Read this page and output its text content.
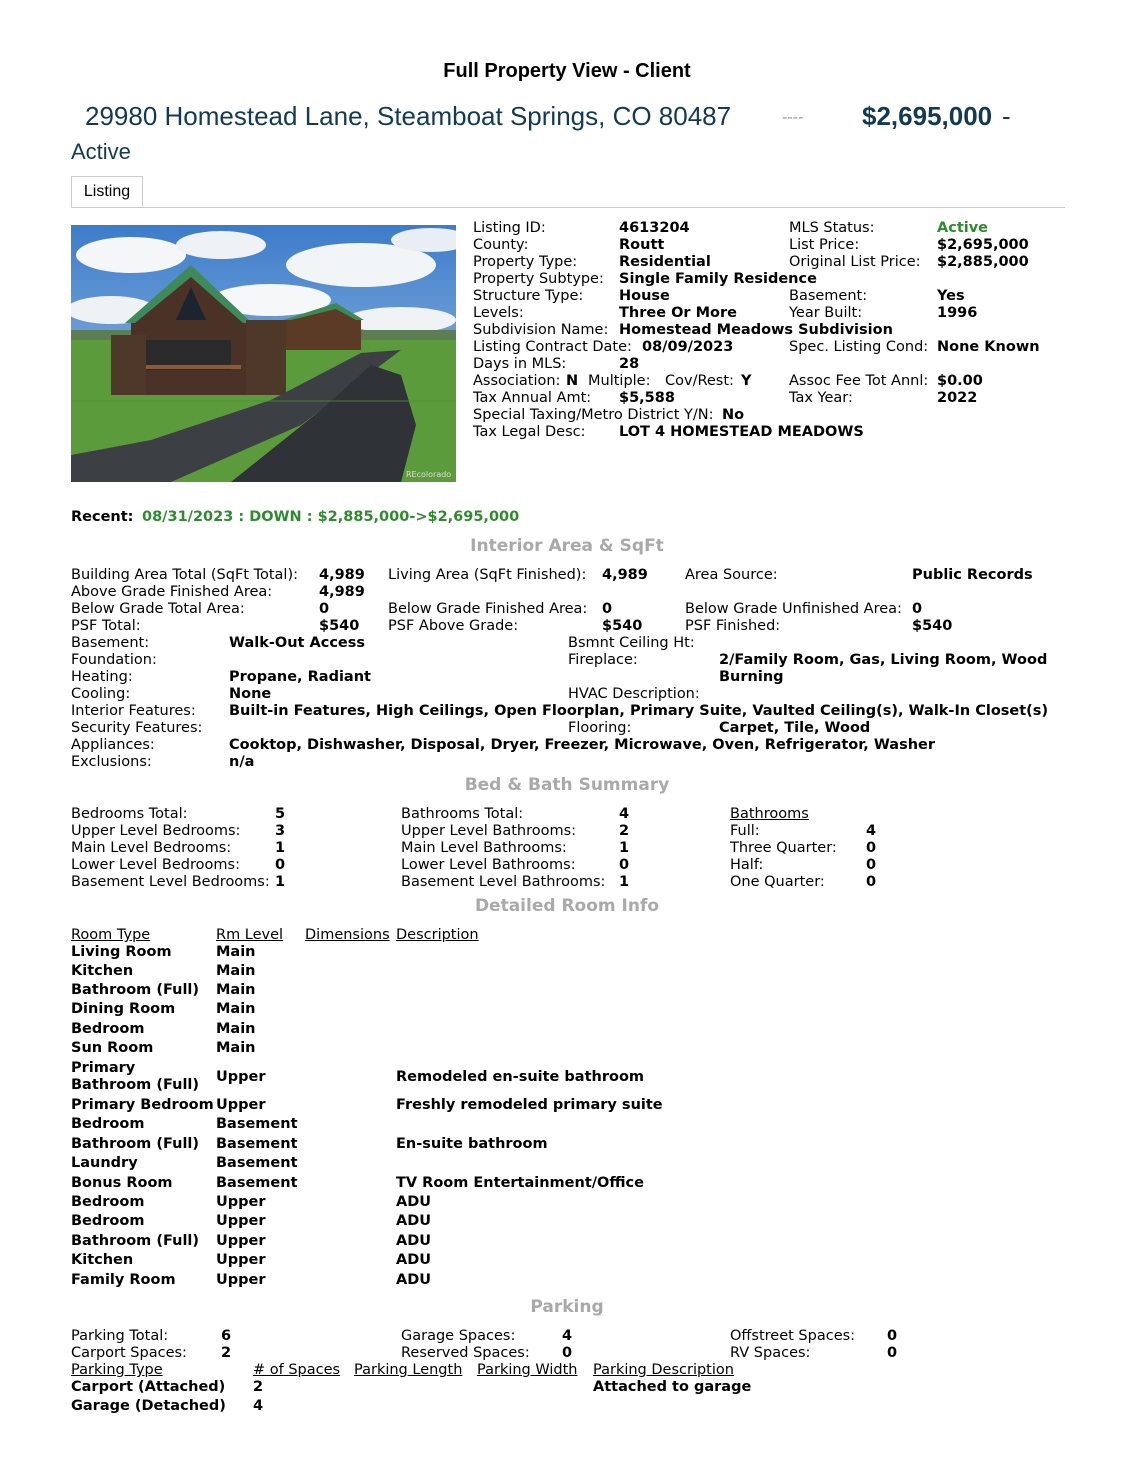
Full Property View - Client
29980 Homestead Lane, Steamboat Springs, CO 80487	---- $2,695,000 -
Active
Listing
REcolorado
Listing ID:	4613204	MLS Status:	Active
County:	Routt	List Price:	$2,695,000
Property Type:	Residential	Original List Price: $2,885,000
Property Subtype: Single Family Residence
Structure Type: House	Basement:	Yes
Levels:	Three Or More	Year Built:	1996
Subdivision Name: Homestead Meadows Subdivision
Listing Contract Date: 08/09/2023	Spec. Listing Cond: None Known
Days in MLS:	28
Association: N Multiple: Cov/Rest: Y	Assoc Fee Tot Annl: $0.00
Tax Annual Amt: $5,588	Tax Year:	2022
Special Taxing/Metro District Y/N: No
Tax Legal Desc: LOT 4 HOMESTEAD MEADOWS
Recent: 08/31/2023 : DOWN : $2,885,000->$2,695,000
Interior Area & SqFt
Building Area Total (SqFt Total): 4,989 Living Area (SqFt Finished): 4,989	Area Source:	Public Records
Above Grade Finished Area:	4,989
Below Grade Total Area:	0	Below Grade Finished Area: 0	Below Grade Unfinished Area: 0
PSF Total:	$540 PSF Above Grade:	$540	PSF Finished:	$540
Basement:	Walk-Out Access	Bsmnt Ceiling Ht:
Foundation:	Fireplace:	2/Family Room, Gas, Living Room, Wood
Burning
Heating:	Propane, Radiant
Cooling:	None	HVAC Description:
Interior Features: Built-in Features, High Ceilings, Open Floorplan, Primary Suite, Vaulted Ceiling(s), Walk-In Closet(s)
Security Features:	Flooring:	Carpet, Tile, Wood
Appliances:	Cooktop, Dishwasher, Disposal, Dryer, Freezer, Microwave, Oven, Refrigerator, Washer
Exclusions:	n/a
Bed & Bath Summary
Bedrooms Total:	5	Bathrooms Total:	4	Bathrooms
Upper Level Bedrooms: 3	Upper Level Bathrooms:	2	Full:	4
Main Level Bedrooms:	1	Main Level Bathrooms:	1	Three Quarter: 0
Lower Level Bedrooms: 0	Lower Level Bathrooms:	0	Half:	0
Basement Level Bedrooms: 1	Basement Level Bathrooms: 1	One Quarter:	0
Detailed Room Info
Room Type	Rm Level Dimensions Description
Living Room	Main
Kitchen	Main
Bathroom (Full) Main
Dining Room	Main
Bedroom	Main
Sun Room	Main
Primary Bathroom (Full)	Upper	Remodeled en-suite bathroom
Primary Bedroom Upper	Freshly remodeled primary suite
Bedroom	Basement
Bathroom (Full) Basement	En-suite bathroom
Laundry	Basement
Bonus Room	Basement	TV Room Entertainment/Office
Bedroom	Upper	ADU
Bedroom	Upper	ADU
Bathroom (Full) Upper	ADU
Kitchen	Upper	ADU
Family Room	Upper	ADU
Parking
Parking Total:	6	Garage Spaces:	4	Offstreet Spaces: 0
Carport Spaces: 2	Reserved Spaces: 0	RV Spaces:	0
Parking Type	# of Spaces Parking Length Parking Width Parking Description
Carport (Attached) 2	Attached to garage
Garage (Detached) 4
